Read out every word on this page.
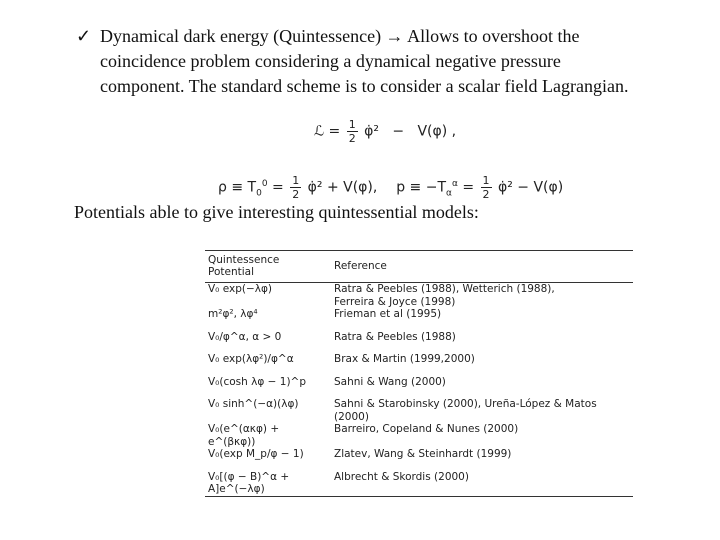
✓ Dynamical dark energy (Quintessence) → Allows to overshoot the
coincidence problem considering a dynamical negative pressure
component. The standard scheme is to consider a scalar field Lagrangian.
ℒ = $\frac{1}{2}$ φ̇²   −   V(φ) ,
$\rho \equiv T_0^0 = \frac{1}{2}$ φ̇² + V(φ), $p \equiv -T_\alpha^\alpha = \frac{1}{2}$ φ̇² − V(φ)
Potentials able to give interesting quintessential models:
Quintessence Potential	Reference
V₀ exp(−λφ)	Ratra & Peebles (1988), Wetterich (1988),
Ferreira & Joyce (1998)
m²φ², λφ⁴	Frieman et al (1995)
V₀/φ^α, α > 0	Ratra & Peebles (1988)
V₀ exp(λφ²)/φ^α	Brax & Martin (1999,2000)
V₀(cosh λφ − 1)^p	Sahni & Wang (2000)
V₀ sinh^(−α)(λφ)	Sahni & Starobinsky (2000), Ureña-López & Matos (2000)
V₀(e^(ακφ) + e^(βκφ))	Barreiro, Copeland & Nunes (2000)
V₀(exp M_p/φ − 1)	Zlatev, Wang & Steinhardt (1999)
V₀[(φ − B)^α + A]e^(−λφ)	Albrecht & Skordis (2000)
